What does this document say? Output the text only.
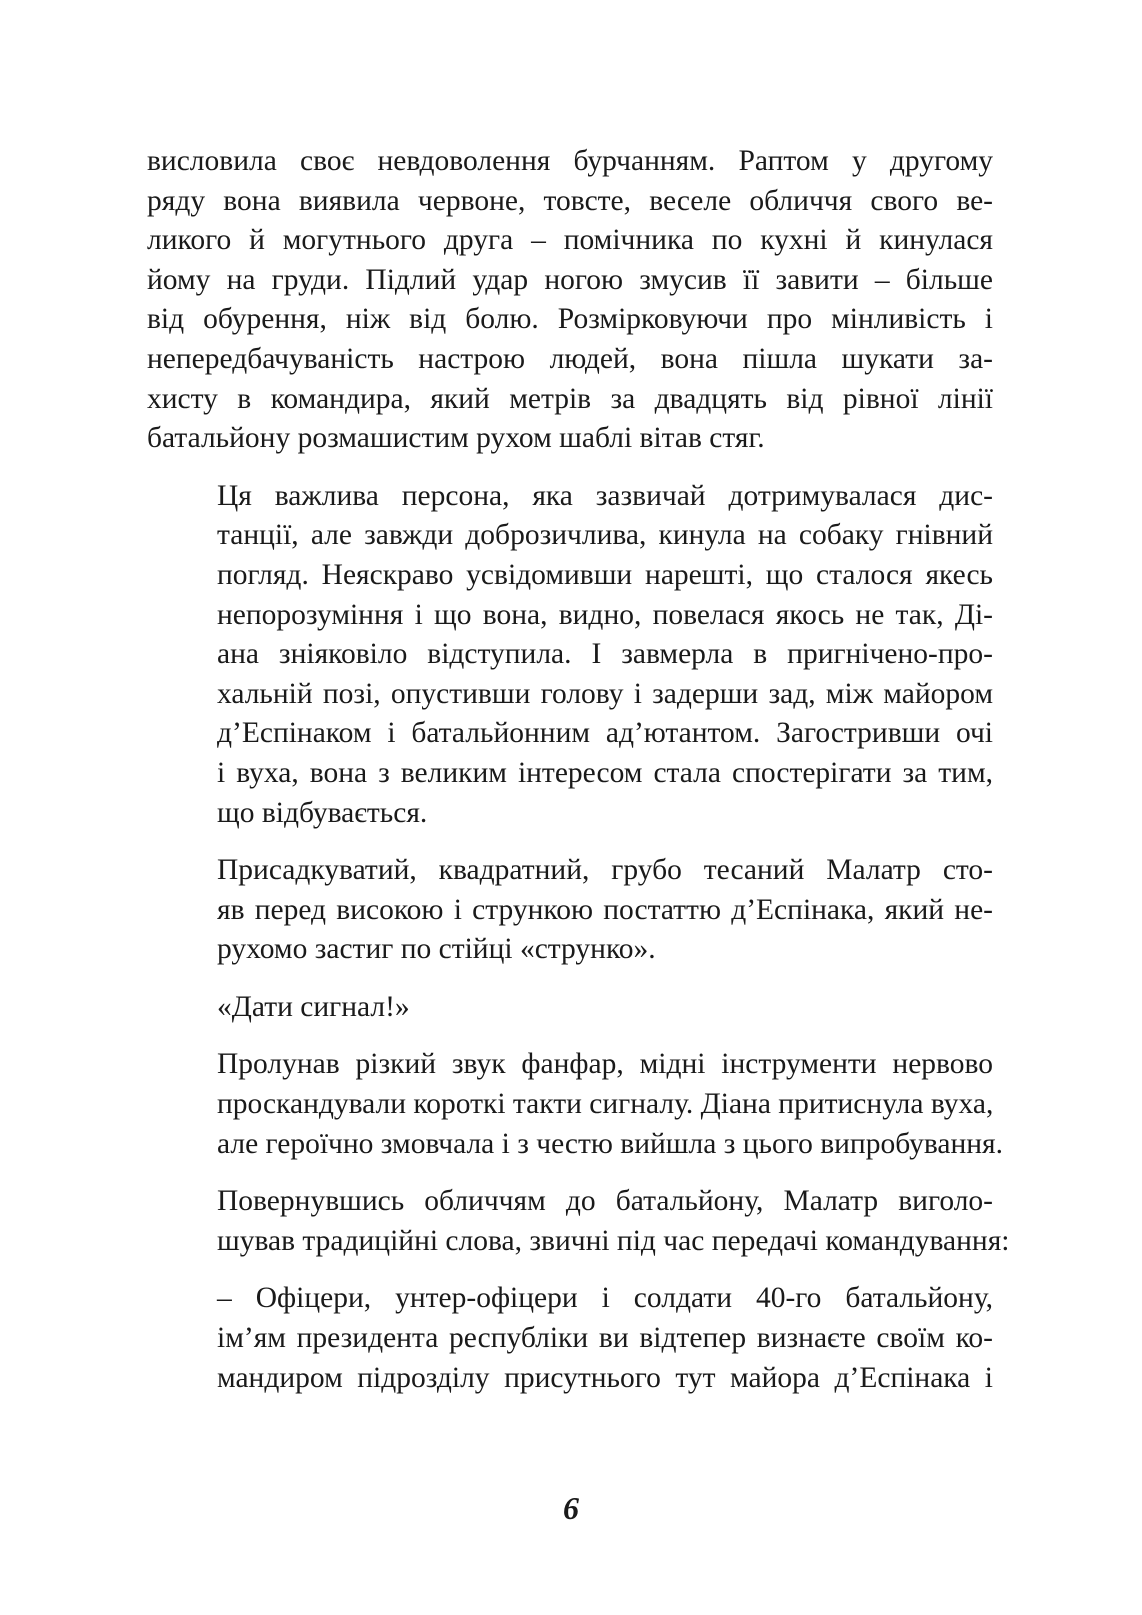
висловила своє невдоволення бурчанням. Раптом у другому
ряду вона виявила червоне, товсте, веселе обличчя свого ве-
ликого й могутнього друга – помічника по кухні й кинулася
йому на груди. Підлий удар ногою змусив її завити – більше
від обурення, ніж від болю. Розмірковуючи про мінливість і
непередбачуваність настрою людей, вона пішла шукати за-
хисту в командира, який метрів за двадцять від рівної лінії
батальйону розмашистим рухом шаблі вітав стяг.

Ця важлива персона, яка зазвичай дотримувалася дис-
танції, але завжди доброзичлива, кинула на собаку гнівний
погляд. Неяскраво усвідомивши нарешті, що сталося якесь
непорозуміння і що вона, видно, повелася якось не так, Ді-
ана зніяковіло відступила. І завмерла в пригнічено-про-
хальній позі, опустивши голову і задерши зад, між майором
д’Еспінаком і батальйонним ад’ютантом. Загостривши очі
і вуха, вона з великим інтересом стала спостерігати за тим,
що відбувається.

Присадкуватий, квадратний, грубо тесаний Малатр сто-
яв перед високою і стрункою постаттю д’Еспінака, який не-
рухомо застиг по стійці «струнко».

«Дати сигнал!»

Пролунав різкий звук фанфар, мідні інструменти нервово
проскандували короткі такти сигналу. Діана притиснула вуха,
але героїчно змовчала і з честю вийшла з цього випробування.

Повернувшись обличчям до батальйону, Малатр виголо-
шував традиційні слова, звичні під час передачі командування:

– Офіцери, унтер-офіцери і солдати 40-го батальйону,
ім’ям президента республіки ви відтепер визнаєте своїм ко-
мандиром підрозділу присутнього тут майора д’Еспінака і

6
